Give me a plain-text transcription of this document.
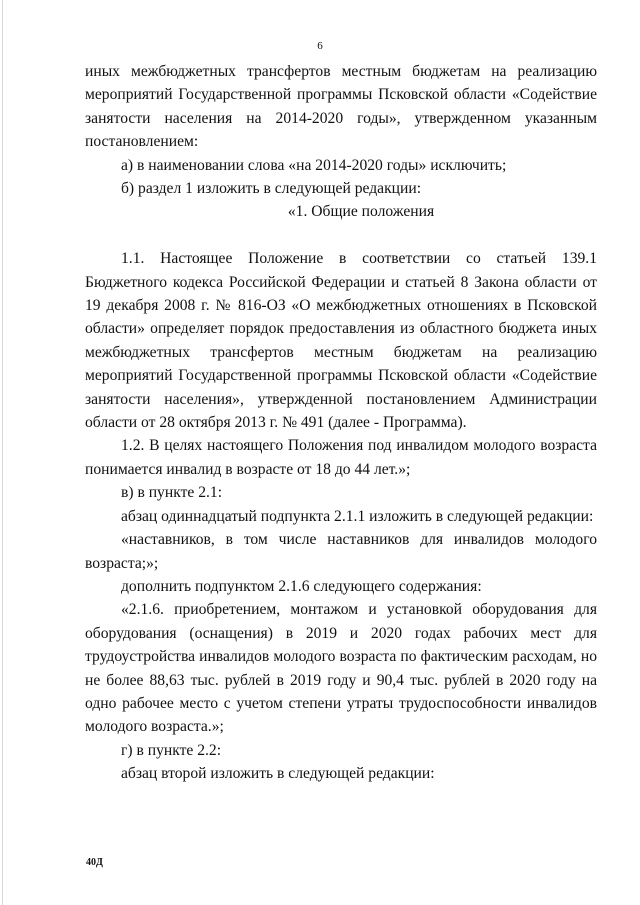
6

иных межбюджетных трансфертов местным бюджетам на реализацию мероприятий Государственной программы Псковской области «Содействие занятости населения на 2014-2020 годы», утвержденном указанным постановлением:

а) в наименовании слова «на 2014-2020 годы» исключить;

б) раздел 1 изложить в следующей редакции:

«1. Общие положения

1.1. Настоящее Положение в соответствии со статьей 139.1 Бюджетного кодекса Российской Федерации и статьей 8 Закона области от 19 декабря 2008 г. № 816-ОЗ «О межбюджетных отношениях в Псковской области» определяет порядок предоставления из областного бюджета иных межбюджетных трансфертов местным бюджетам на реализацию мероприятий Государственной программы Псковской области «Содействие занятости населения», утвержденной постановлением Администрации области от 28 октября 2013 г. № 491 (далее - Программа).

1.2. В целях настоящего Положения под инвалидом молодого возраста понимается инвалид в возрасте от 18 до 44 лет.»;

в) в пункте 2.1:

абзац одиннадцатый подпункта 2.1.1 изложить в следующей редакции:

«наставников, в том числе наставников для инвалидов молодого возраста;»;

дополнить подпунктом 2.1.6 следующего содержания:

«2.1.6. приобретением, монтажом и установкой оборудования для оборудования (оснащения) в 2019 и 2020 годах рабочих мест для трудоустройства инвалидов молодого возраста по фактическим расходам, но не более 88,63 тыс. рублей в 2019 году и 90,4 тыс. рублей в 2020 году на одно рабочее место с учетом степени утраты трудоспособности инвалидов молодого возраста.»;

г) в пункте 2.2:

абзац второй изложить в следующей редакции:

40Д
